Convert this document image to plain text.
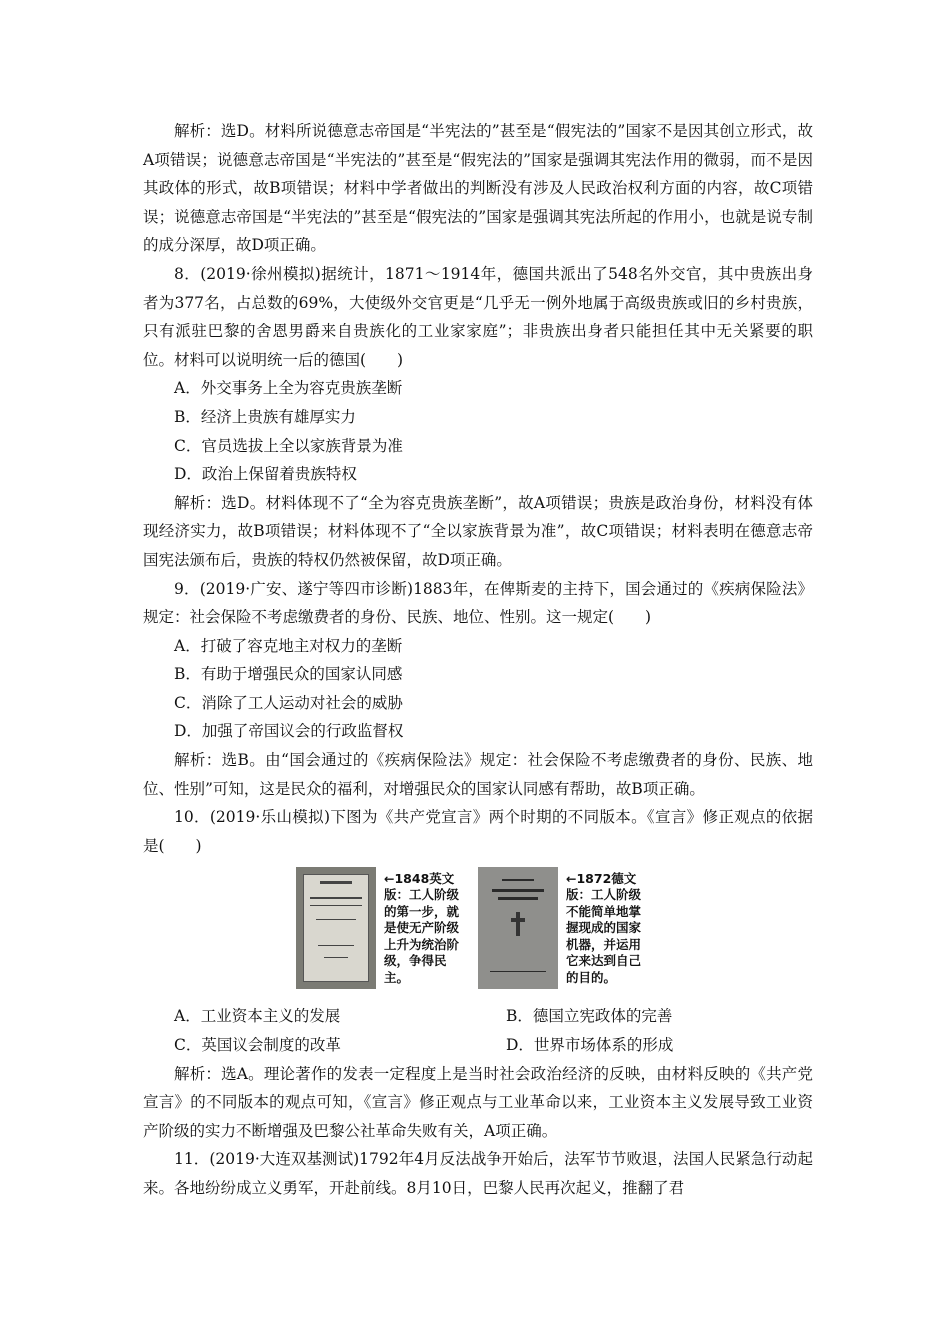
解析：选D。材料所说德意志帝国是“半宪法的”甚至是“假宪法的”国家不是因其创立形式，故A项错误；说德意志帝国是“半宪法的”甚至是“假宪法的”国家是强调其宪法作用的微弱，而不是因其政体的形式，故B项错误；材料中学者做出的判断没有涉及人民政治权利方面的内容，故C项错误；说德意志帝国是“半宪法的”甚至是“假宪法的”国家是强调其宪法所起的作用小，也就是说专制的成分深厚，故D项正确。

8．(2019·徐州模拟)据统计，1871～1914年，德国共派出了548名外交官，其中贵族出身者为377名，占总数的69%，大使级外交官更是“几乎无一例外地属于高级贵族或旧的乡村贵族，只有派驻巴黎的舍恩男爵来自贵族化的工业家家庭”；非贵族出身者只能担任其中无关紧要的职位。材料可以说明统一后的德国(　　)

A．外交事务上全为容克贵族垄断

B．经济上贵族有雄厚实力

C．官员选拔上全以家族背景为准

D．政治上保留着贵族特权

解析：选D。材料体现不了“全为容克贵族垄断”，故A项错误；贵族是政治身份，材料没有体现经济实力，故B项错误；材料体现不了“全以家族背景为准”，故C项错误；材料表明在德意志帝国宪法颁布后，贵族的特权仍然被保留，故D项正确。

9．(2019·广安、遂宁等四市诊断)1883年，在俾斯麦的主持下，国会通过的《疾病保险法》规定：社会保险不考虑缴费者的身份、民族、地位、性别。这一规定(　　)

A．打破了容克地主对权力的垄断

B．有助于增强民众的国家认同感

C．消除了工人运动对社会的威胁

D．加强了帝国议会的行政监督权

解析：选B。由“国会通过的《疾病保险法》规定：社会保险不考虑缴费者的身份、民族、地位、性别”可知，这是民众的福利，对增强民众的国家认同感有帮助，故B项正确。

10．(2019·乐山模拟)下图为《共产党宣言》两个时期的不同版本。《宣言》修正观点的依据是(　　)

←1848英文版：工人阶级的第一步，就是使无产阶级上升为统治阶级，争得民主。
←1872德文版：工人阶级不能简单地掌握现成的国家机器，并运用它来达到自己的目的。
A．工业资本主义的发展	B．德国立宪政体的完善
C．英国议会制度的改革	D．世界市场体系的形成

解析：选A。理论著作的发表一定程度上是当时社会政治经济的反映，由材料反映的《共产党宣言》的不同版本的观点可知，《宣言》修正观点与工业革命以来，工业资本主义发展导致工业资产阶级的实力不断增强及巴黎公社革命失败有关，A项正确。

11．(2019·大连双基测试)1792年4月反法战争开始后，法军节节败退，法国人民紧急行动起来。各地纷纷成立义勇军，开赴前线。8月10日，巴黎人民再次起义，推翻了君
